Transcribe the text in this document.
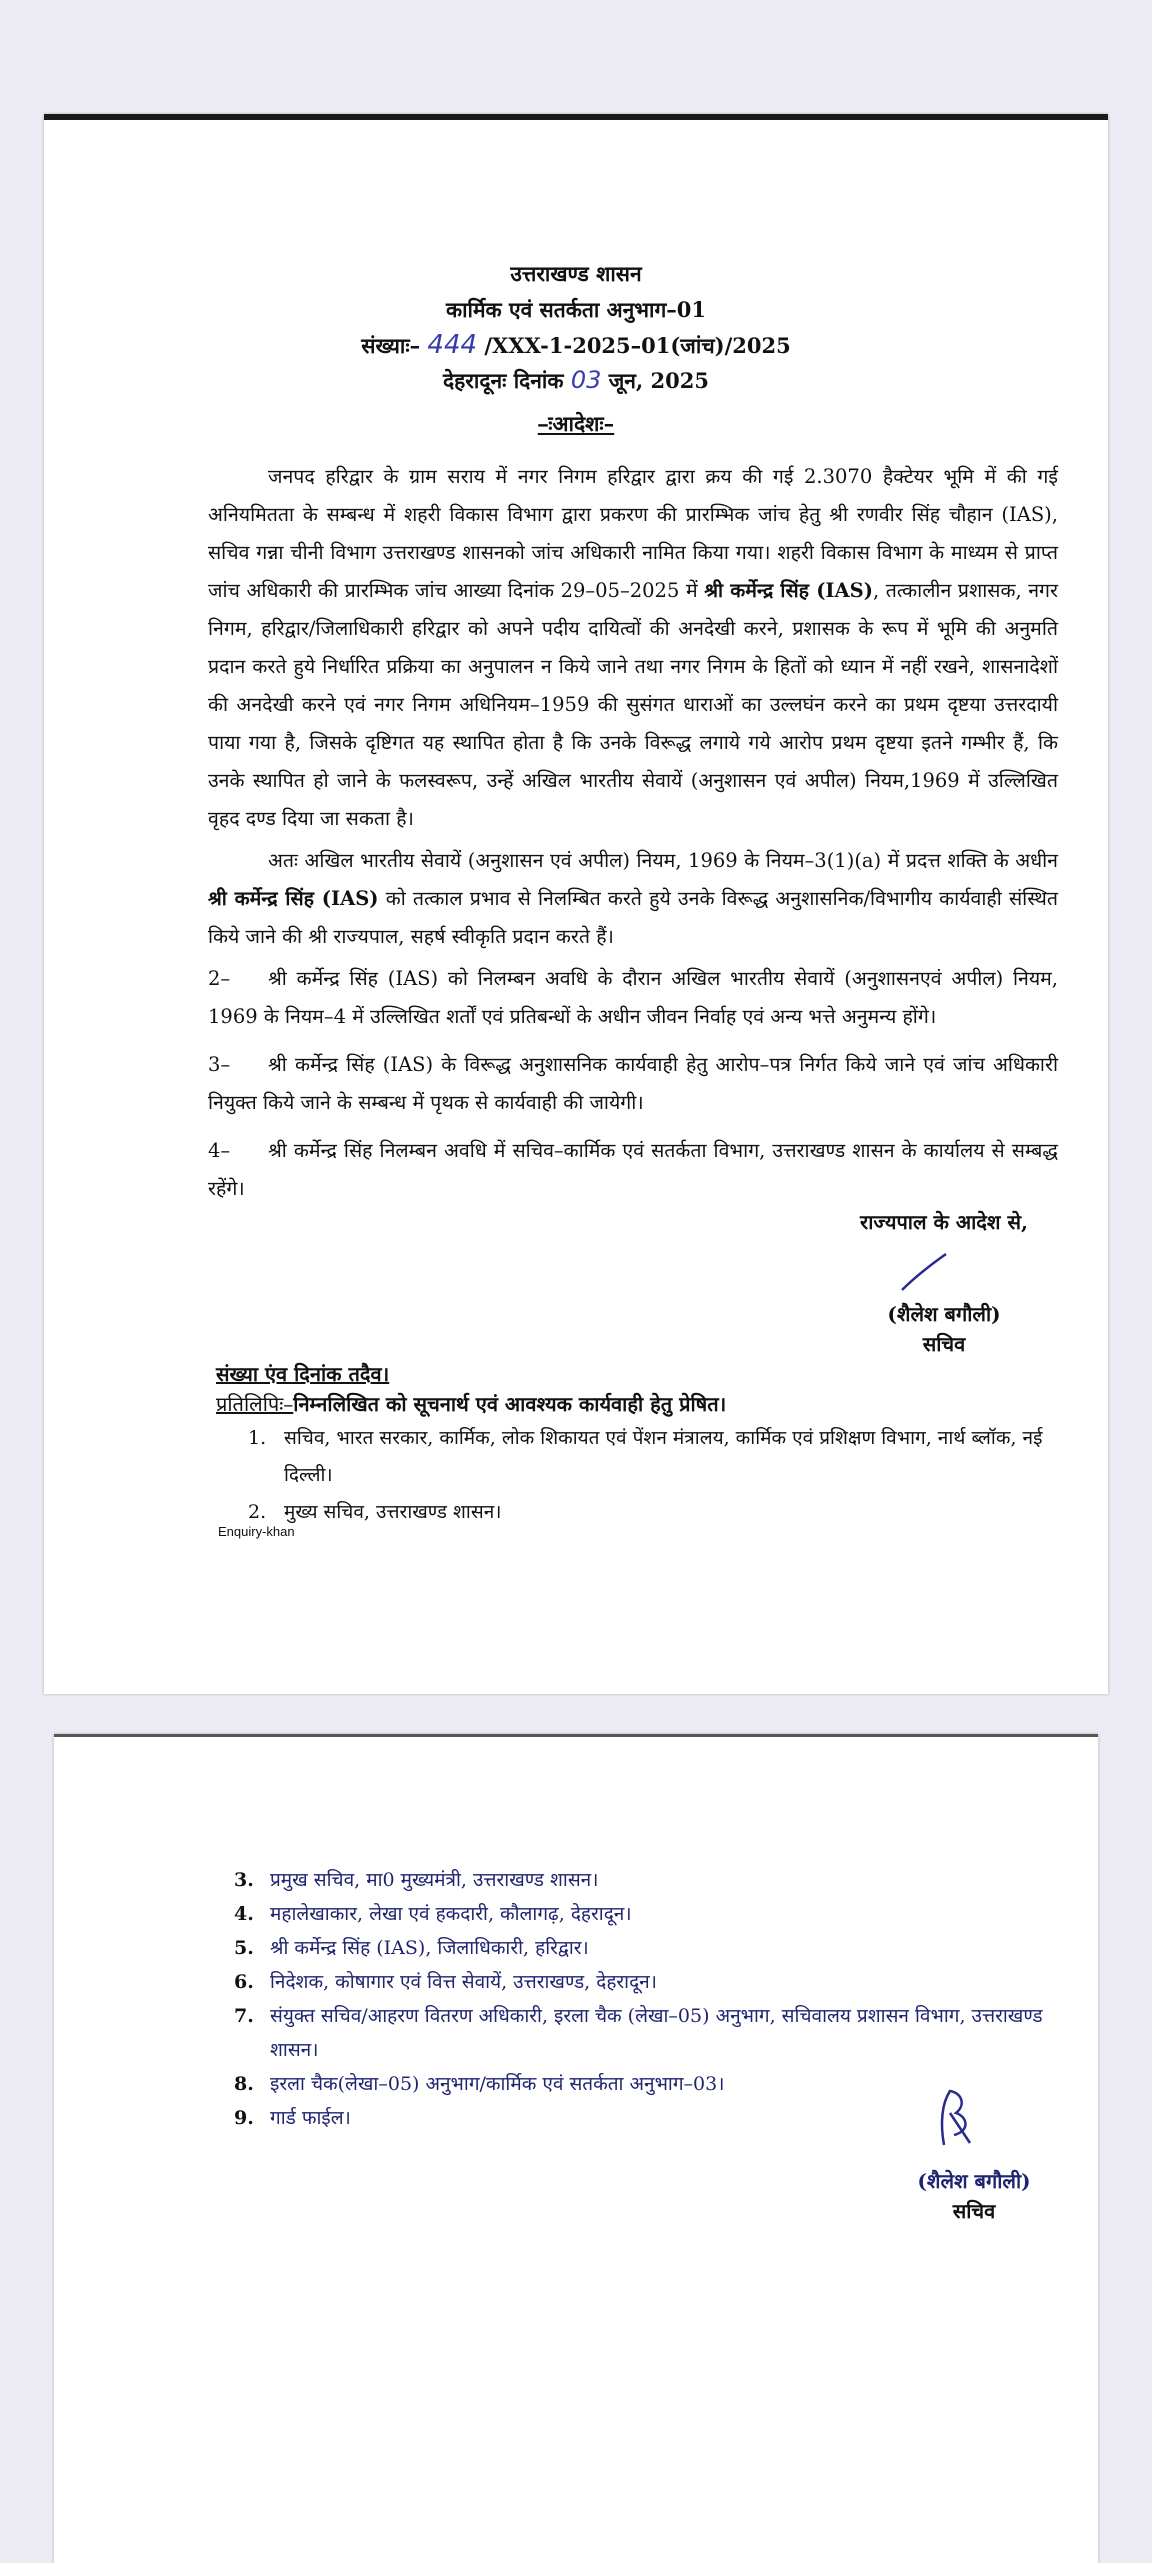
उत्तराखण्ड शासन
कार्मिक एवं सतर्कता अनुभाग–01
संख्याः– 444 /XXX-1-2025–01(जांच)/2025
देहरादूनः दिनांक 03 जून, 2025
–ःआदेशः–

जनपद हरिद्वार के ग्राम सराय में नगर निगम हरिद्वार द्वारा क्रय की गई 2.3070 हैक्टेयर भूमि में की गई अनियमितता के सम्बन्ध में शहरी विकास विभाग द्वारा प्रकरण की प्रारम्भिक जांच हेतु श्री रणवीर सिंह चौहान (IAS), सचिव गन्ना चीनी विभाग उत्तराखण्ड शासनको जांच अधिकारी नामित किया गया। शहरी विकास विभाग के माध्यम से प्राप्त जांच अधिकारी की प्रारम्भिक जांच आख्या दिनांक 29–05–2025 में श्री कर्मेन्द्र सिंह (IAS), तत्कालीन प्रशासक, नगर निगम, हरिद्वार/जिलाधिकारी हरिद्वार को अपने पदीय दायित्वों की अनदेखी करने, प्रशासक के रूप में भूमि की अनुमति प्रदान करते हुये निर्धारित प्रक्रिया का अनुपालन न किये जाने तथा नगर निगम के हितों को ध्यान में नहीं रखने, शासनादेशों की अनदेखी करने एवं नगर निगम अधिनियम–1959 की सुसंगत धाराओं का उल्लघंन करने का प्रथम दृष्टया उत्तरदायी पाया गया है, जिसके दृष्टिगत यह स्थापित होता है कि उनके विरूद्ध लगाये गये आरोप प्रथम दृष्टया इतने गम्भीर हैं, कि उनके स्थापित हो जाने के फलस्वरूप, उन्हें अखिल भारतीय सेवायें (अनुशासन एवं अपील) नियम,1969 में उल्लिखित वृहद दण्ड दिया जा सकता है।

अतः अखिल भारतीय सेवायें (अनुशासन एवं अपील) नियम, 1969 के नियम–3(1)(a) में प्रदत्त शक्ति के अधीन श्री कर्मेन्द्र सिंह (IAS) को तत्काल प्रभाव से निलम्बित करते हुये उनके विरूद्ध अनुशासनिक/विभागीय कार्यवाही संस्थित किये जाने की श्री राज्यपाल, सहर्ष स्वीकृति प्रदान करते हैं।

2– श्री कर्मेन्द्र सिंह (IAS) को निलम्बन अवधि के दौरान अखिल भारतीय सेवायें (अनुशासनएवं अपील) नियम, 1969 के नियम–4 में उल्लिखित शर्तों एवं प्रतिबन्धों के अधीन जीवन निर्वाह एवं अन्य भत्ते अनुमन्य होंगे।

3– श्री कर्मेन्द्र सिंह (IAS) के विरूद्ध अनुशासनिक कार्यवाही हेतु आरोप–पत्र निर्गत किये जाने एवं जांच अधिकारी नियुक्त किये जाने के सम्बन्ध में पृथक से कार्यवाही की जायेगी।

4– श्री कर्मेन्द्र सिंह निलम्बन अवधि में सचिव–कार्मिक एवं सतर्कता विभाग, उत्तराखण्ड शासन के कार्यालय से सम्बद्ध रहेंगे।

राज्यपाल के आदेश से,
(शैलेश बगौली)
सचिव
संख्या एंव दिनांक तदैव।
प्रतिलिपिः–निम्नलिखित को सूचनार्थ एवं आवश्यक कार्यवाही हेतु प्रेषित।
1. सचिव, भारत सरकार, कार्मिक, लोक शिकायत एवं पेंशन मंत्रालय, कार्मिक एवं प्रशिक्षण विभाग, नार्थ ब्लॉक, नई दिल्ली।
2. मुख्य सचिव, उत्तराखण्ड शासन।
Enquiry-khan
3. प्रमुख सचिव, मा0 मुख्यमंत्री, उत्तराखण्ड शासन।
4. महालेखाकार, लेखा एवं हकदारी, कौलागढ़, देहरादून।
5. श्री कर्मेन्द्र सिंह (IAS), जिलाधिकारी, हरिद्वार।
6. निदेशक, कोषागार एवं वित्त सेवायें, उत्तराखण्ड, देहरादून।
7. संयुक्त सचिव/आहरण वितरण अधिकारी, इरला चैक (लेखा–05) अनुभाग, सचिवालय प्रशासन विभाग, उत्तराखण्ड शासन।
8. इरला चैक(लेखा–05) अनुभाग/कार्मिक एवं सतर्कता अनुभाग–03।
9. गार्ड फाईल।
(शैलेश बगौली)
सचिव
